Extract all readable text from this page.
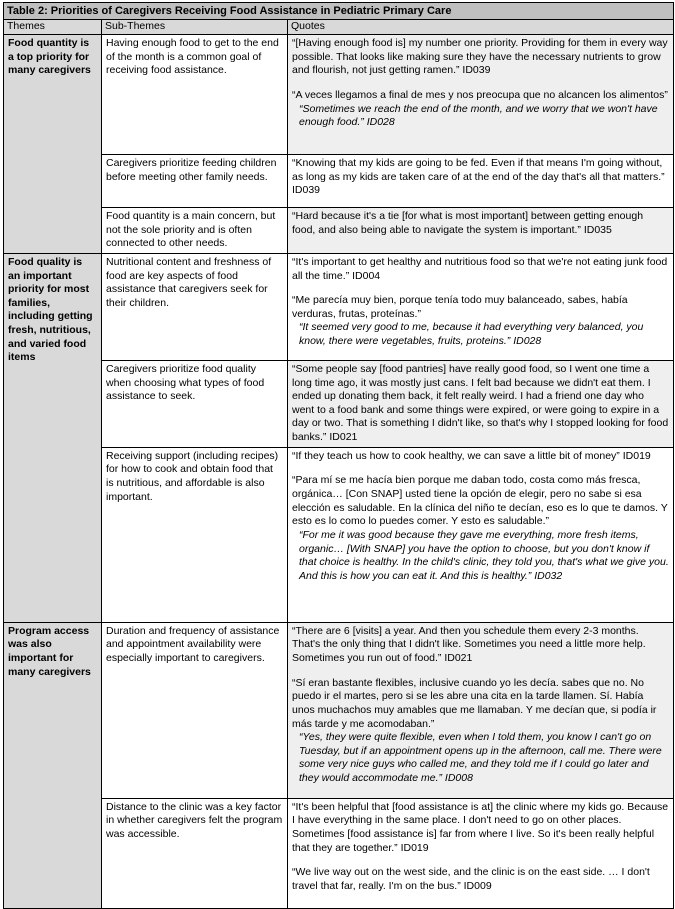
Table 2: Priorities of Caregivers Receiving Food Assistance in Pediatric Primary Care		
Themes	Sub-Themes	Quotes
Food quantity is a top priority for many caregivers	Having enough food to get to the end of the month is a common goal of receiving food assistance.	“[Having enough food is] my number one priority. Providing for them in every way possible. That looks like making sure they have the necessary nutrients to grow and flourish, not just getting ramen.” ID039
“A veces llegamos a final de mes y nos preocupa que no alcancen los alimentos”
“Sometimes we reach the end of the month, and we worry that we won't have enough food.” ID028

	Caregivers prioritize feeding children before meeting other family needs.	“Knowing that my kids are going to be fed. Even if that means I'm going without, as long as my kids are taken care of at the end of the day that's all that matters.” ID039

	Food quantity is a main concern, but not the sole priority and is often connected to other needs.	“Hard because it's a tie [for what is most important] between getting enough food, and also being able to navigate the system is important.” ID035

Food quality is an important priority for most families, including getting fresh, nutritious, and varied food items	Nutritional content and freshness of food are key aspects of food assistance that caregivers seek for their children.	“It's important to get healthy and nutritious food so that we're not eating junk food all the time.” ID004
“Me parecía muy bien, porque tenía todo muy balanceado, sabes, había verduras, frutas, proteínas.”
“It seemed very good to me, because it had everything very balanced, you know, there were vegetables, fruits, proteins.” ID028

	Caregivers prioritize food quality when choosing what types of food assistance to seek.	“Some people say [food pantries] have really good food, so I went one time a long time ago, it was mostly just cans. I felt bad because we didn't eat them. I ended up donating them back, it felt really weird. I had a friend one day who went to a food bank and some things were expired, or were going to expire in a day or two. That is something I didn't like, so that's why I stopped looking for food banks.” ID021

	Receiving support (including recipes) for how to cook and obtain food that is nutritious, and affordable is also important.	“If they teach us how to cook healthy, we can save a little bit of money” ID019
“Para mí se me hacía bien porque me daban todo, costa como más fresca, orgánica… [Con SNAP] usted tiene la opción de elegir, pero no sabe si esa elección es saludable. En la clínica del niño te decían, eso es lo que te damos. Y esto es lo como lo puedes comer. Y esto es saludable.”
“For me it was good because they gave me everything, more fresh items, organic… [With SNAP] you have the option to choose, but you don't know if that choice is healthy. In the child's clinic, they told you, that's what we give you. And this is how you can eat it. And this is healthy.” ID032

Program access was also important for many caregivers	Duration and frequency of assistance and appointment availability were especially important to caregivers.	“There are 6 [visits] a year. And then you schedule them every 2-3 months. That's the only thing that I didn't like. Sometimes you need a little more help. Sometimes you run out of food.” ID021
“Sí eran bastante flexibles, inclusive cuando yo les decía. sabes que no. No puedo ir el martes, pero si se les abre una cita en la tarde llamen. Sí. Había unos muchachos muy amables que me llamaban. Y me decían que, si podía ir más tarde y me acomodaban.”
“Yes, they were quite flexible, even when I told them, you know I can't go on Tuesday, but if an appointment opens up in the afternoon, call me. There were some very nice guys who called me, and they told me if I could go later and they would accommodate me.” ID008

	Distance to the clinic was a key factor in whether caregivers felt the program was accessible.	“It's been helpful that [food assistance is at] the clinic where my kids go. Because I have everything in the same place. I don't need to go on other places.
Sometimes [food assistance is] far from where I live. So it's been really helpful that they are together.” ID019
“We live way out on the west side, and the clinic is on the east side. … I don't travel that far, really. I'm on the bus.” ID009
